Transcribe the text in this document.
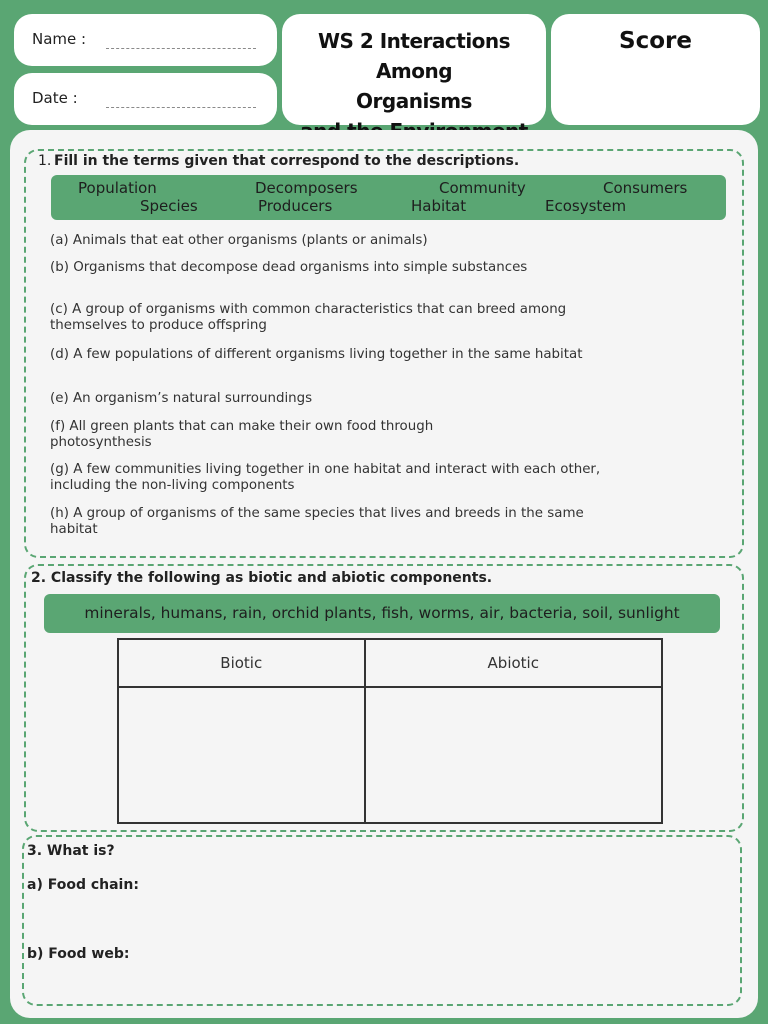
Name :
Date :
WS 2 Interactions Among
Organisms
Score
1. Fill in the terms given that correspond to the descriptions.
Population	Decomposers	Community	Consumers
Species	Producers	Habitat	Ecosystem
(a) Animals that eat other organisms (plants or animals)
(b) Organisms that decompose dead organisms into simple substances
(c) A group of organisms with common characteristics that can breed among themselves to produce offspring
(d) A few populations of different organisms living together in the same habitat
(e) An organism’s natural surroundings
(f) All green plants that can make their own food through photosynthesis
(g) A few communities living together in one habitat and interact with each other, including the non-living components
(h) A group of organisms of the same species that lives and breeds in the same habitat
2. Classify the following as biotic and abiotic components.
minerals, humans, rain, orchid plants, fish, worms, air, bacteria, soil, sunlight
Biotic	Abiotic

3. What is?
a) Food chain:
b) Food web:
